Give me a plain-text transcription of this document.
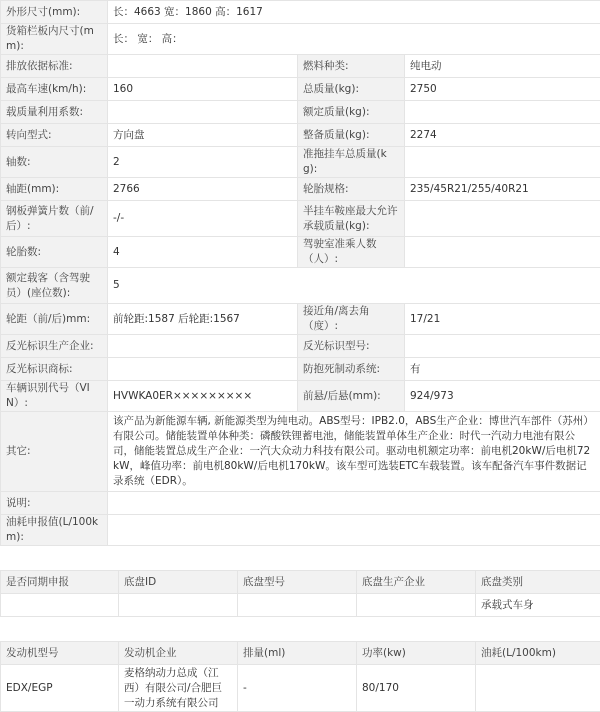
外形尺寸(mm):	长：4663 宽：1860 高：1617		
货箱栏板内尺寸(mm):	长： 宽： 高：		
排放依据标准:		燃料种类:	纯电动
最高车速(km/h):	160	总质量(kg):	2750
载质量利用系数:		额定质量(kg):	
转向型式:	方向盘	整备质量(kg):	2274
轴数:	2	准拖挂车总质量(kg):	
轴距(mm):	2766	轮胎规格:	235/45R21/255/40R21
钢板弹簧片数（前/后）:	-/-	半挂车鞍座最大允许承载质量(kg):	
轮胎数:	4	驾驶室准乘人数（人）:	
额定载客（含驾驶员）(座位数):	5		
轮距（前/后)mm:	前轮距:1587 后轮距:1567	接近角/离去角（度）:	17/21
反光标识生产企业:		反光标识型号:	
反光标识商标:		防抱死制动系统:	有
车辆识别代号（VIN）:	HVWKA0ER×××××××××	前悬/后悬(mm):	924/973
其它:	该产品为新能源车辆, 新能源类型为纯电动。ABS型号：IPB2.0，ABS生产企业：博世汽车部件（苏州）有限公司。储能装置单体种类：磷酸铁锂蓄电池，储能装置单体生产企业：时代一汽动力电池有限公司，储能装置总成生产企业：一汽大众动力科技有限公司。驱动电机额定功率：前电机20kW/后电机72kW，峰值功率：前电机80kW/后电机170kW。该车型可选装ETC车载装置。该车配备汽车事件数据记录系统（EDR）。		
说明:			
油耗申报值(L/100km):			
是否同期申报	底盘ID	底盘型号	底盘生产企业	底盘类别
				承载式车身
发动机型号	发动机企业	排量(ml)	功率(kw)	油耗(L/100km)
EDX/EGP	麦格纳动力总成（江西）有限公司/合肥巨一动力系统有限公司	-	80/170	
